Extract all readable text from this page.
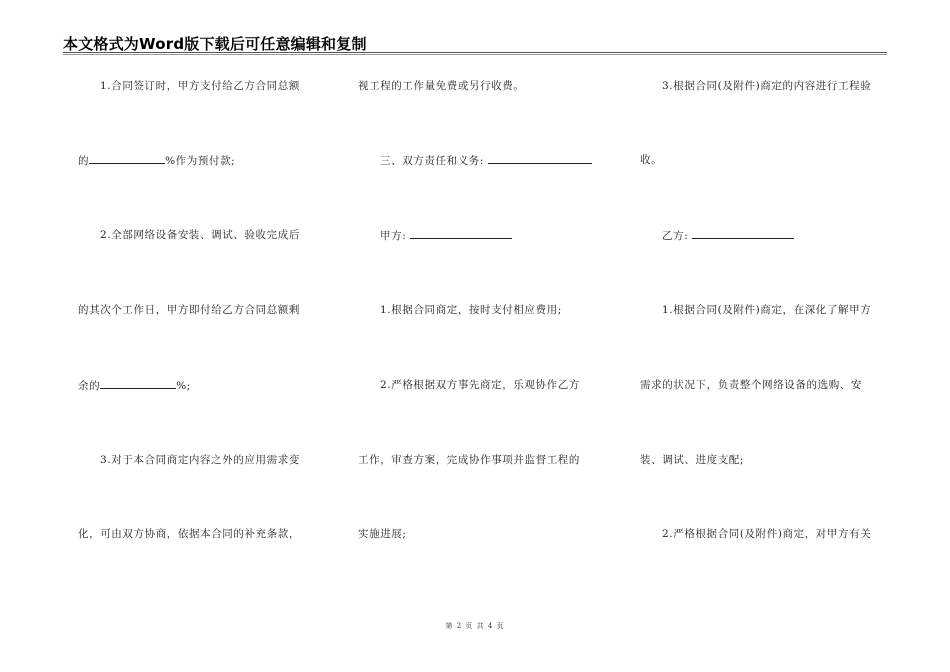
本文格式为Word版下载后可任意编辑和复制
1.合同签订时，甲方支付给乙方合同总额
的	%作为预付款;
2.全部网络设备安装、调试、验收完成后
的其次个工作日，甲方即付给乙方合同总额剩
余的	%;
3.对于本合同商定内容之外的应用需求变
化，可由双方协商，依据本合同的补充条款，
视工程的工作量免费或另行收费。
三、双方责任和义务:
甲方:
1.根据合同商定，按时支付相应费用;
2.严格根据双方事先商定，乐观协作乙方
工作，审查方案，完成协作事项并监督工程的
实施进展;
3.根据合同(及附件)商定的内容进行工程验
收。
乙方:
1.根据合同(及附件)商定，在深化了解甲方
需求的状况下，负责整个网络设备的选购、安
装、调试、进度支配;
2.严格根据合同(及附件)商定，对甲方有关
第 2 页 共 4 页
